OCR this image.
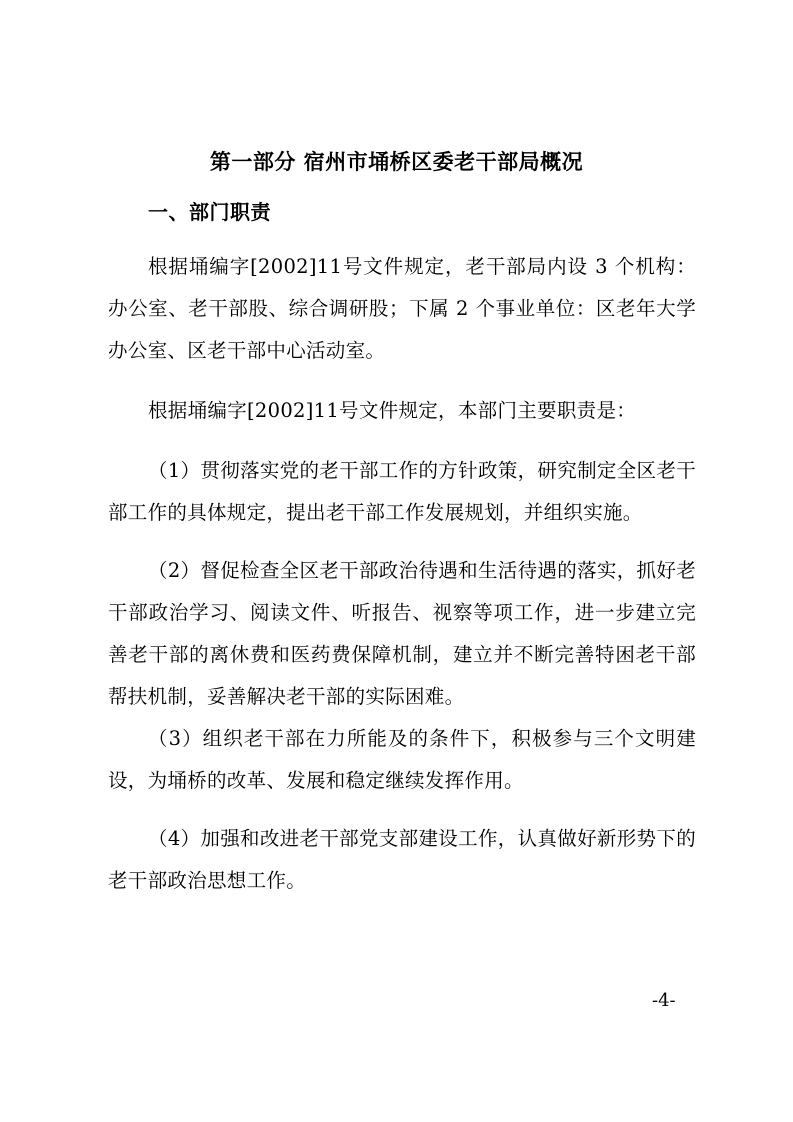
第一部分 宿州市埇桥区委老干部局概况
一、部门职责

根据埇编字[2002]11号文件规定，老干部局内设 3 个机构：办公室、老干部股、综合调研股；下属 2 个事业单位：区老年大学办公室、区老干部中心活动室。

根据埇编字[2002]11号文件规定，本部门主要职责是：

（1）贯彻落实党的老干部工作的方针政策，研究制定全区老干部工作的具体规定，提出老干部工作发展规划，并组织实施。

（2）督促检查全区老干部政治待遇和生活待遇的落实，抓好老干部政治学习、阅读文件、听报告、视察等项工作，进一步建立完善老干部的离休费和医药费保障机制，建立并不断完善特困老干部帮扶机制，妥善解决老干部的实际困难。

（3）组织老干部在力所能及的条件下，积极参与三个文明建设，为埇桥的改革、发展和稳定继续发挥作用。

（4）加强和改进老干部党支部建设工作，认真做好新形势下的老干部政治思想工作。

-4-
